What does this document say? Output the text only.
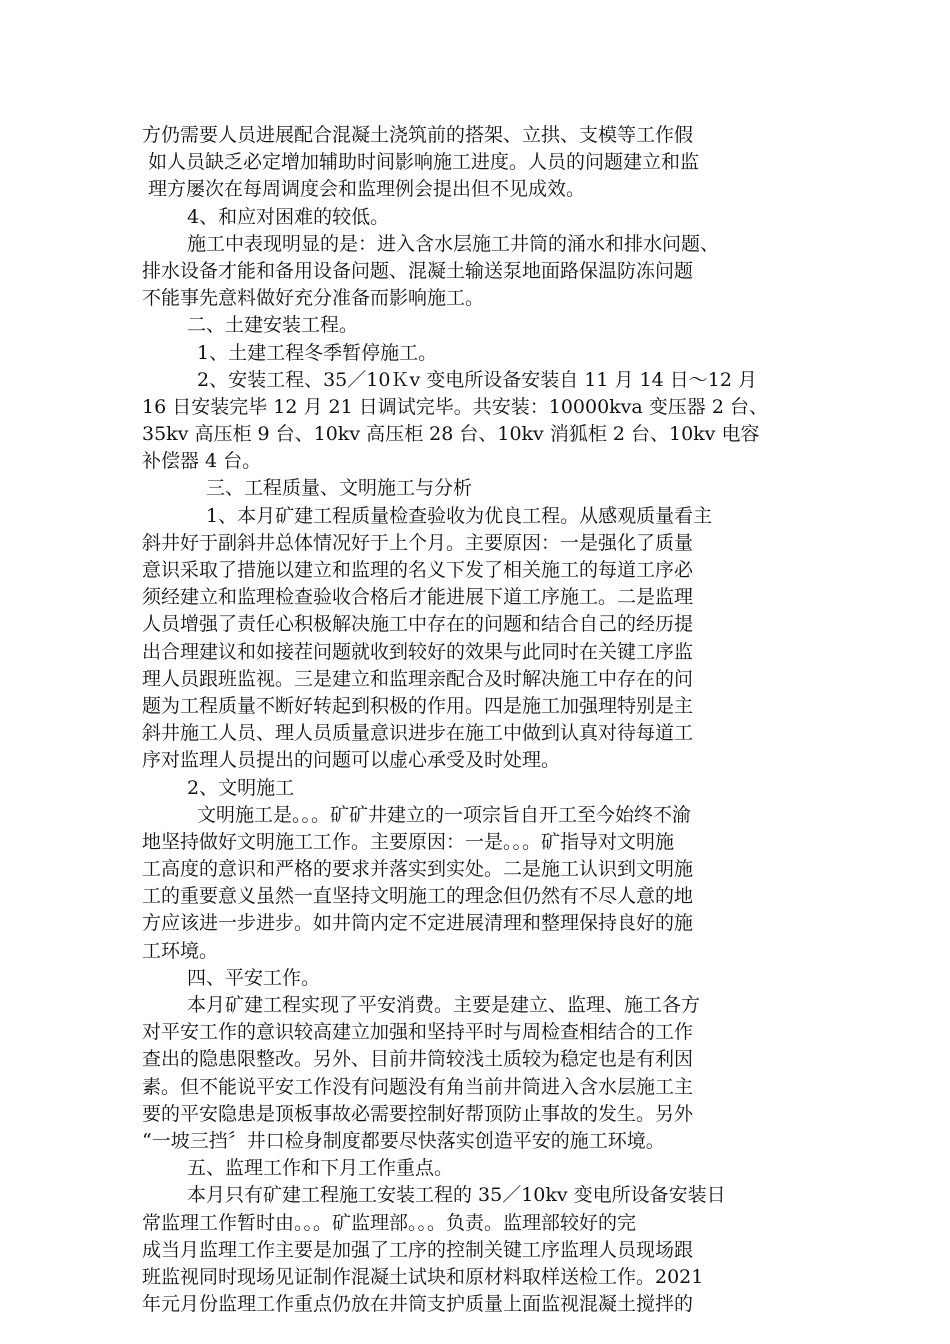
方仍需要人员进展配合混凝土浇筑前的搭架、立拱、支模等工作假
如人员缺乏必定增加辅助时间影响施工进度。人员的问题建立和监
理方屡次在每周调度会和监理例会提出但不见成效。
4、和应对困难的较低。
施工中表现明显的是：进入含水层施工井筒的涌水和排水问题、
排水设备才能和备用设备问题、混凝土输送泵地面路保温防冻问题
不能事先意料做好充分准备而影响施工。
二、土建安装工程。
1、土建工程冬季暂停施工。
2、安装工程、35／10Ｋv 变电所设备安装自 11 月 14 日～12 月
16 日安装完毕 12 月 21 日调试完毕。共安装：10000kva 变压器 2 台、
35kv 高压柜 9 台、10kv 高压柜 28 台、10kv 消狐柜 2 台、10kv 电容
补偿器 4 台。
三、工程质量、文明施工与分析
1、本月矿建工程质量检查验收为优良工程。从感观质量看主
斜井好于副斜井总体情况好于上个月。主要原因：一是强化了质量
意识采取了措施以建立和监理的名义下发了相关施工的每道工序必
须经建立和监理检查验收合格后才能进展下道工序施工。二是监理
人员增强了责任心积极解决施工中存在的问题和结合自己的经历提
出合理建议和如接茬问题就收到较好的效果与此同时在关键工序监
理人员跟班监视。三是建立和监理亲配合及时解决施工中存在的问
题为工程质量不断好转起到积极的作用。四是施工加强理特别是主
斜井施工人员、理人员质量意识进步在施工中做到认真对待每道工
序对监理人员提出的问题可以虚心承受及时处理。
2、文明施工
文明施工是。。。矿矿井建立的一项宗旨自开工至今始终不渝
地坚持做好文明施工工作。主要原因：一是。。。矿指导对文明施
工高度的意识和严格的要求并落实到实处。二是施工认识到文明施
工的重要意义虽然一直坚持文明施工的理念但仍然有不尽人意的地
方应该进一步进步。如井筒内定不定进展清理和整理保持良好的施
工环境。
四、平安工作。
本月矿建工程实现了平安消费。主要是建立、监理、施工各方
对平安工作的意识较高建立加强和坚持平时与周检查相结合的工作
查出的隐患限整改。另外、目前井筒较浅土质较为稳定也是有利因
素。但不能说平安工作没有问题没有角当前井筒进入含水层施工主
要的平安隐患是顶板事故必需要控制好帮顶防止事故的发生。另外
“一坡三挡〞井口检身制度都要尽快落实创造平安的施工环境。
五、监理工作和下月工作重点。
本月只有矿建工程施工安装工程的 35／10kv 变电所设备安装日
常监理工作暂时由。。。矿监理部。。。负责。监理部较好的完
成当月监理工作主要是加强了工序的控制关键工序监理人员现场跟
班监视同时现场见证制作混凝土试块和原材料取样送检工作。2021
年元月份监理工作重点仍放在井筒支护质量上面监视混凝土搅拌的
